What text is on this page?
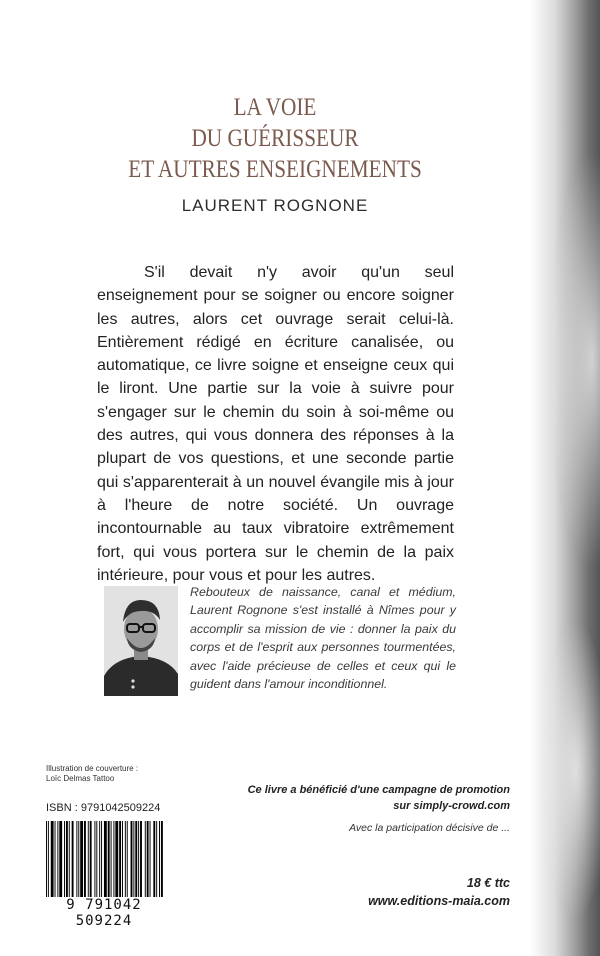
LA VOIE
DU GUÉRISSEUR
ET AUTRES ENSEIGNEMENTS
LAURENT ROGNONE

S'il devait n'y avoir qu'un seul enseignement pour se soigner ou encore soigner les autres, alors cet ouvrage serait celui-là. Entièrement rédigé en écriture canalisée, ou automatique, ce livre soigne et enseigne ceux qui le liront. Une partie sur la voie à suivre pour s'engager sur le chemin du soin à soi-même ou des autres, qui vous donnera des réponses à la plupart de vos questions, et une seconde partie qui s'apparenterait à un nouvel évangile mis à jour à l'heure de notre société. Un ouvrage incontournable au taux vibratoire extrêmement fort, qui vous portera sur le chemin de la paix intérieure, pour vous et pour les autres.

Rebouteux de naissance, canal et médium, Laurent Rognone s'est installé à Nîmes pour y accomplir sa mission de vie : donner la paix du corps et de l'esprit aux personnes tourmentées, avec l'aide précieuse de celles et ceux qui le guident dans l'amour inconditionnel.

Illustration de couverture :
Loïc Delmas Tattoo
ISBN : 9791042509224
Ce livre a bénéficié d'une campagne de promotion
sur simply-crowd.com
Avec la participation décisive de ...
9 791042 509224
18 € ttc
www.editions-maia.com
